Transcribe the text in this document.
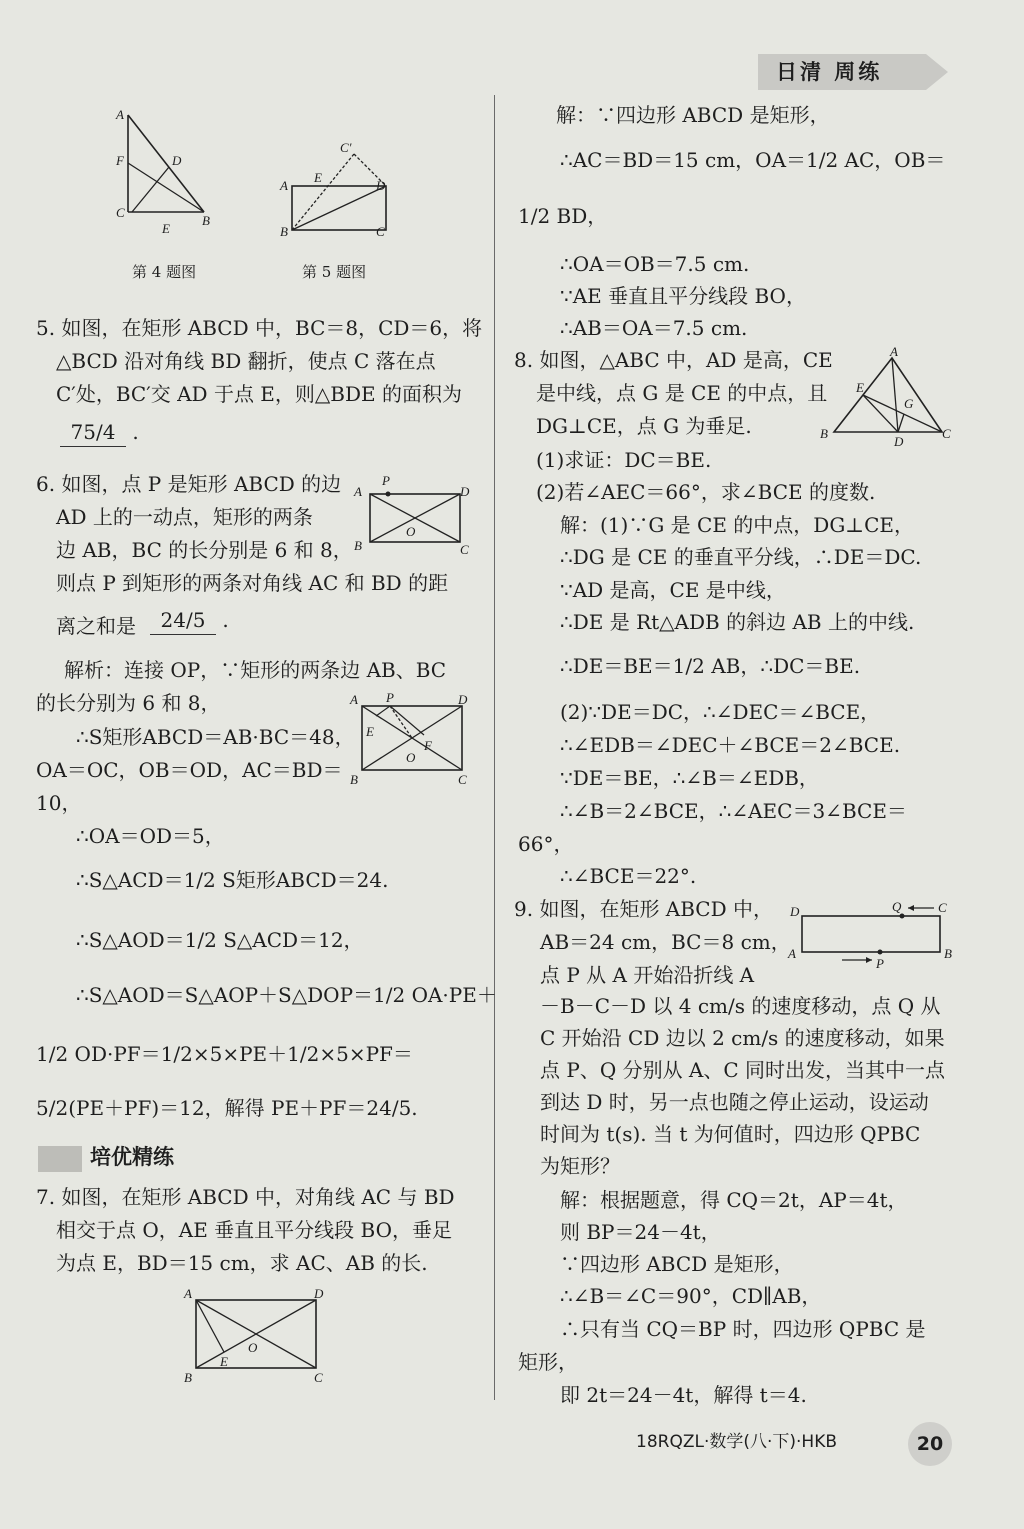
日清 周练
A
F	D
C
B
E
第 4 题图
A
E
C′
D
B	C
第 5 题图
5. 如图，在矩形 ABCD 中，BC＝8，CD＝6，将
△BCD 沿对角线 BD 翻折，使点 C 落在点
C′处，BC′交 AD 于点 E，则△BDE 的面积为
75/4 .
P
A	D
B	C
O
6. 如图，点 P 是矩形 ABCD 的边
AD 上的一动点，矩形的两条
边 AB，BC 的长分别是 6 和 8，
则点 P 到矩形的两条对角线 AC 和 BD 的距
离之和是	24/5 .
A P	D
E
F
O
B	C
解析：连接 OP，∵矩形的两条边 AB、BC
的长分别为 6 和 8，
∴S矩形ABCD＝AB·BC＝48，
OA＝OC，OB＝OD，AC＝BD＝
10，
∴OA＝OD＝5，
∴S△ACD＝1/2 S矩形ABCD＝24.
∴S△AOD＝1/2 S△ACD＝12，
∴S△AOD＝S△AOP＋S△DOP＝1/2 OA·PE＋
1/2 OD·PF＝1/2×5×PE＋1/2×5×PF＝
5/2(PE＋PF)＝12，解得 PE＋PF＝24/5.
培优精练
7. 如图，在矩形 ABCD 中，对角线 AC 与 BD
相交于点 O，AE 垂直且平分线段 BO，垂足
为点 E，BD＝15 cm，求 AC、AB 的长.
A	D
E
O
B	C
解：∵四边形 ABCD 是矩形，
∴AC＝BD＝15 cm，OA＝1/2 AC，OB＝
1/2 BD，
∴OA＝OB＝7.5 cm.
∵AE 垂直且平分线段 BO，
∴AB＝OA＝7.5 cm.
8. 如图，△ABC 中，AD 是高，CE
是中线，点 G 是 CE 的中点，且
DG⊥CE，点 G 为垂足.
(1)求证：DC＝BE.
(2)若∠AEC＝66°，求∠BCE 的度数.
A
E
G
B
D
C
解：(1)∵G 是 CE 的中点，DG⊥CE，
∴DG 是 CE 的垂直平分线，∴DE＝DC.
∵AD 是高，CE 是中线，
∴DE 是 Rt△ADB 的斜边 AB 上的中线.
∴DE＝BE＝1/2 AB，∴DC＝BE.
(2)∵DE＝DC，∴∠DEC＝∠BCE，
∴∠EDB＝∠DEC＋∠BCE＝2∠BCE.
∵DE＝BE，∴∠B＝∠EDB，
∴∠B＝2∠BCE，∴∠AEC＝3∠BCE＝
66°，
∴∠BCE＝22°.
D	Q	C
A	B
P
9. 如图，在矩形 ABCD 中，
AB＝24 cm，BC＝8 cm，
点 P 从 A 开始沿折线 A
－B－C－D 以 4 cm/s 的速度移动，点 Q 从
C 开始沿 CD 边以 2 cm/s 的速度移动，如果
点 P、Q 分别从 A、C 同时出发，当其中一点
到达 D 时，另一点也随之停止运动，设运动
时间为 t(s). 当 t 为何值时，四边形 QPBC
为矩形？
解：根据题意，得 CQ＝2t，AP＝4t，
则 BP＝24－4t，
∵四边形 ABCD 是矩形，
∴∠B＝∠C＝90°，CD∥AB，
∴只有当 CQ＝BP 时，四边形 QPBC 是
矩形，
即 2t＝24－4t，解得 t＝4.
18RQZL·数学(八·下)·HKB	20
